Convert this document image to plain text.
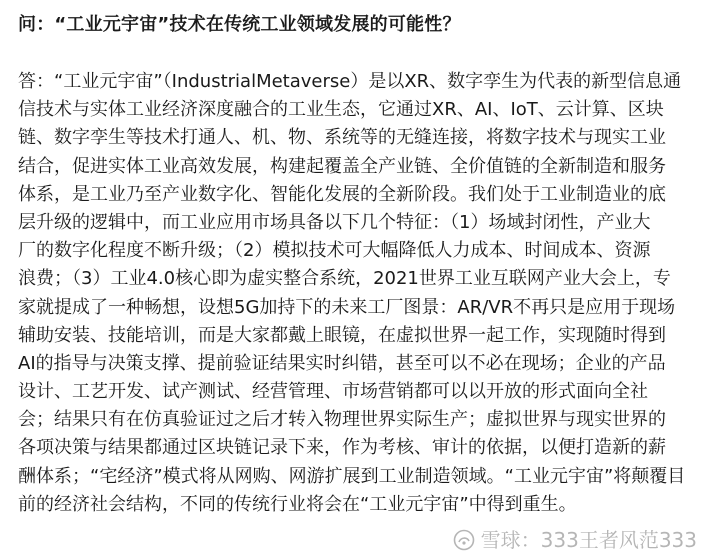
问：“工业元宇宙”技术在传统工业领域发展的可能性？
答：“工业元宇宙”（IndustrialMetaverse）是以XR、数字孪生为代表的新型信息通
信技术与实体工业经济深度融合的工业生态，它通过XR、AI、IoT、云计算、区块
链、数字孪生等技术打通人、机、物、系统等的无缝连接，将数字技术与现实工业
结合，促进实体工业高效发展，构建起覆盖全产业链、全价值链的全新制造和服务
体系，是工业乃至产业数字化、智能化发展的全新阶段。我们处于工业制造业的底
层升级的逻辑中，而工业应用市场具备以下几个特征：（1）场域封闭性，产业大
厂的数字化程度不断升级；（2）模拟技术可大幅降低人力成本、时间成本、资源
浪费；（3）工业4.0核心即为虚实整合系统，2021世界工业互联网产业大会上，专
家就提成了一种畅想，设想5G加持下的未来工厂图景：AR/VR不再只是应用于现场
辅助安装、技能培训，而是大家都戴上眼镜，在虚拟世界一起工作，实现随时得到
AI的指导与决策支撑、提前验证结果实时纠错，甚至可以不必在现场；企业的产品
设计、工艺开发、试产测试、经营管理、市场营销都可以以开放的形式面向全社
会；结果只有在仿真验证过之后才转入物理世界实际生产；虚拟世界与现实世界的
各项决策与结果都通过区块链记录下来，作为考核、审计的依据，以便打造新的薪
酬体系；“宅经济”模式将从网购、网游扩展到工业制造领域。“工业元宇宙”将颠覆目
前的经济社会结构，不同的传统行业将会在“工业元宇宙”中得到重生。
雪球：333王者风范333
